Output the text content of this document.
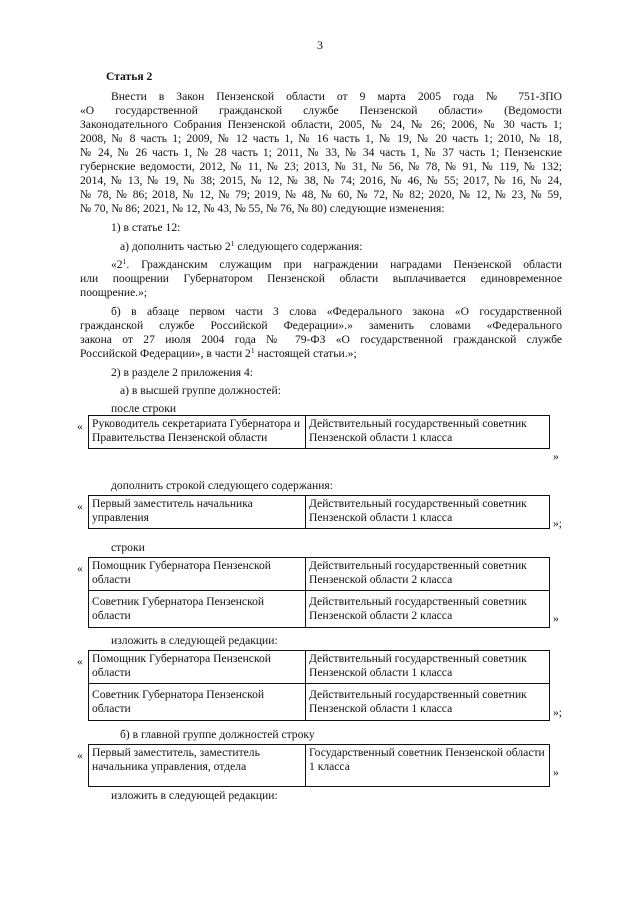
3
Статья 2
Внести в Закон Пензенской области от 9 марта 2005 года № 751-ЗПО
«О государственной гражданской службе Пензенской области» (Ведомости
Законодательного Собрания Пензенской области, 2005, № 24, № 26; 2006, № 30 часть 1;
2008, № 8 часть 1; 2009, № 12 часть 1, № 16 часть 1, № 19, № 20 часть 1; 2010, № 18,
№ 24, № 26 часть 1, № 28 часть 1; 2011, № 33, № 34 часть 1, № 37 часть 1; Пензенские
губернские ведомости, 2012, № 11, № 23; 2013, № 31, № 56, № 78, № 91, № 119, № 132;
2014, № 13, № 19, № 38; 2015, № 12, № 38, № 74; 2016, № 46, № 55; 2017, № 16, № 24,
№ 78, № 86; 2018, № 12, № 79; 2019, № 48, № 60, № 72, № 82; 2020, № 12, № 23, № 59,
№ 70, № 86; 2021, № 12, № 43, № 55, № 76, № 80) следующие изменения:
1) в статье 12:
а) дополнить частью $2^1$ следующего содержания:
«$2^1$. Гражданским служащим при награждении наградами Пензенской области
или поощрении Губернатором Пензенской области выплачивается единовременное
поощрение.»;
б) в абзаце первом части 3 слова «Федерального закона «О государственной
гражданской службе Российской Федерации».» заменить словами «Федерального
закона от 27 июля 2004 года № 79-ФЗ «О государственной гражданской службе
Российской Федерации», в части $2^1$ настоящей статьи.»;
2) в разделе 2 приложения 4:
а) в высшей группе должностей:
после строки
« Руководитель секретариата Губернатора и Правительства Пензенской области	Действительный государственный советник Пензенской области 1 класса
»
дополнить строкой следующего содержания:
« Первый заместитель начальника управления	Действительный государственный советник Пензенской области 1 класса	»;
строки
« Помощник Губернатора Пензенской области	Действительный государственный советник Пензенской области 2 класса
Советник Губернатора Пензенской области	Действительный государственный советник Пензенской области 2 класса	»
изложить в следующей редакции:
« Помощник Губернатора Пензенской области	Действительный государственный советник Пензенской области 1 класса
Советник Губернатора Пензенской области	Действительный государственный советник Пензенской области 1 класса	»;
б) в главной группе должностей строку
« Первый заместитель, заместитель начальника управления, отдела	Государственный советник Пензенской области 1 класса	»
изложить в следующей редакции:
